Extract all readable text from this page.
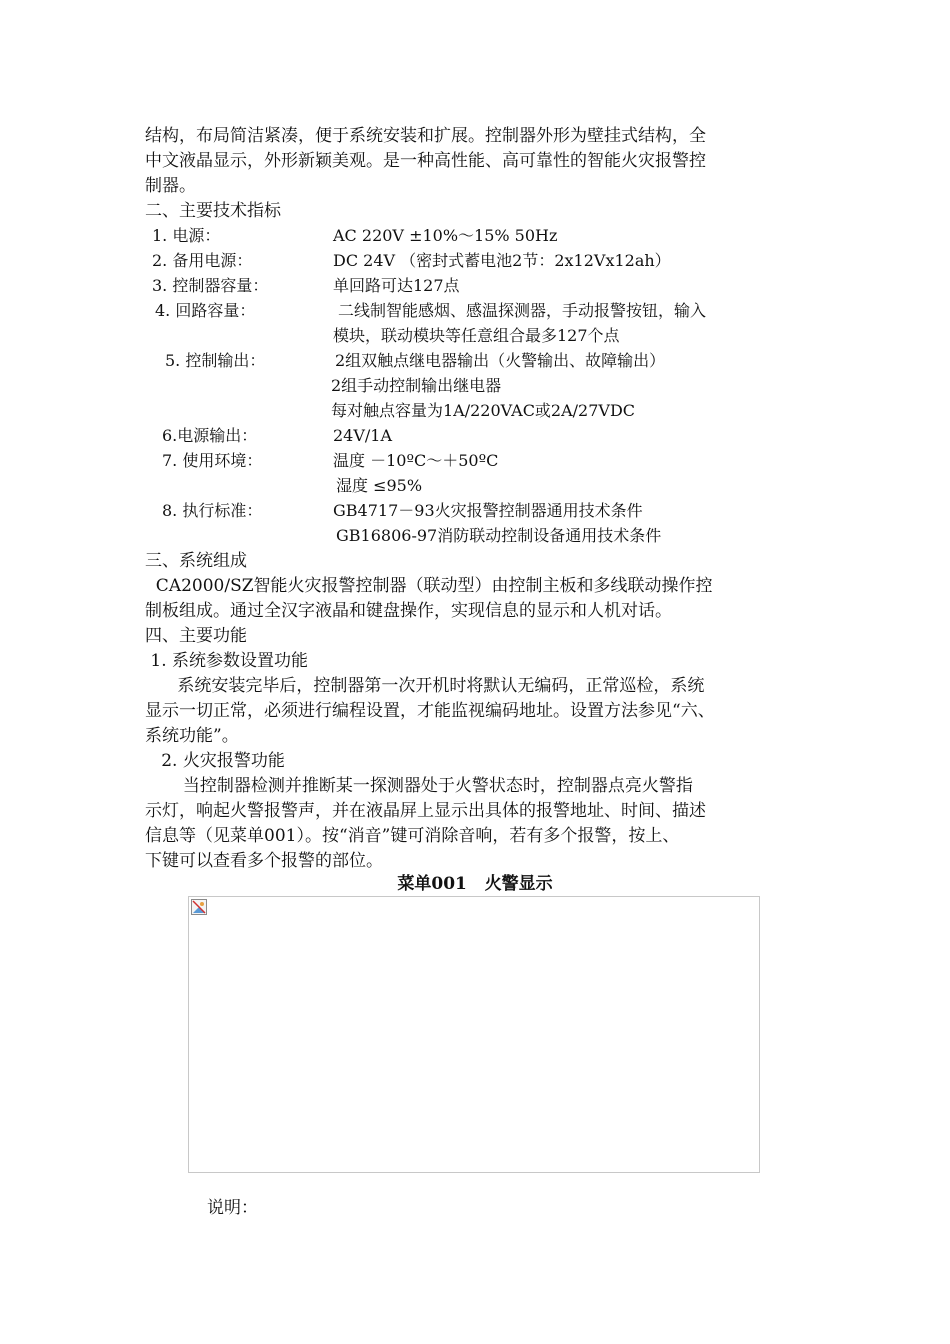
结构，布局简洁紧凑，便于系统安装和扩展。控制器外形为壁挂式结构，全
中文液晶显示，外形新颖美观。是一种高性能、高可靠性的智能火灾报警控
制器。
二、主要技术指标
1. 电源：	AC 220V ±10%～15% 50Hz
2. 备用电源：	DC 24V （密封式蓄电池2节：2x12Vx12ah）
3. 控制器容量：	单回路可达127点
4. 回路容量：	二线制智能感烟、感温探测器，手动报警按钮，输入
模块，联动模块等任意组合最多127个点
5. 控制输出：	2组双触点继电器输出（火警输出、故障输出）
2组手动控制输出继电器
每对触点容量为1A/220VAC或2A/27VDC
6.电源输出：	24V/1A
7. 使用环境：	温度 －10ºC～＋50ºC
湿度 ≤95%
8. 执行标准：	GB4717－93火灾报警控制器通用技术条件
GB16806-97消防联动控制设备通用技术条件
三、系统组成
CA2000/SZ智能火灾报警控制器（联动型）由控制主板和多线联动操作控
制板组成。通过全汉字液晶和键盘操作，实现信息的显示和人机对话。
四、主要功能
1. 系统参数设置功能
系统安装完毕后，控制器第一次开机时将默认无编码，正常巡检，系统
显示一切正常，必须进行编程设置，才能监视编码地址。设置方法参见“六、
系统功能”。
2. 火灾报警功能
当控制器检测并推断某一探测器处于火警状态时，控制器点亮火警指
示灯，响起火警报警声，并在液晶屏上显示出具体的报警地址、时间、描述
信息等（见菜单001）。按“消音”键可消除音响，若有多个报警，按上、
下键可以查看多个报警的部位。
菜单001   火警显示
说明：
